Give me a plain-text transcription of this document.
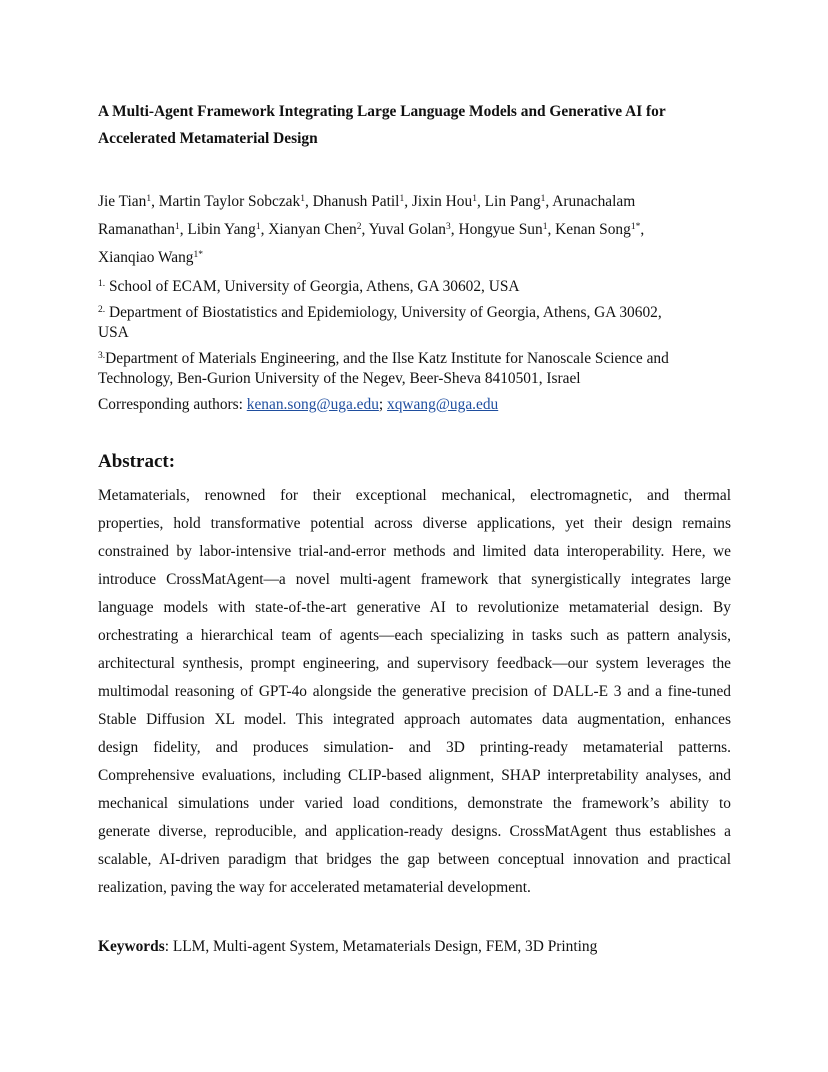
A Multi-Agent Framework Integrating Large Language Models and Generative AI for
Accelerated Metamaterial Design
Jie Tian$^1$, Martin Taylor Sobczak$^1$, Dhanush Patil$^1$, Jixin Hou$^1$, Lin Pang$^1$, Arunachalam
Ramanathan$^1$, Libin Yang$^1$, Xianyan Chen$^2$, Yuval Golan$^3$, Hongyue Sun$^1$, Kenan Song$^{1*}$,
Xianqiao Wang$^{1*}$
$^{1.}$ School of ECAM, University of Georgia, Athens, GA 30602, USA
$^{2.}$ Department of Biostatistics and Epidemiology, University of Georgia, Athens, GA 30602,
USA
$^{3.}$Department of Materials Engineering, and the Ilse Katz Institute for Nanoscale Science and
Technology, Ben-Gurion University of the Negev, Beer-Sheva 8410501, Israel
Corresponding authors: kenan.song@uga.edu; xqwang@uga.edu
Abstract:
Metamaterials, renowned for their exceptional mechanical, electromagnetic, and thermal
properties, hold transformative potential across diverse applications, yet their design remains
constrained by labor-intensive trial-and-error methods and limited data interoperability. Here, we
introduce CrossMatAgent—a novel multi-agent framework that synergistically integrates large
language models with state-of-the-art generative AI to revolutionize metamaterial design. By
orchestrating a hierarchical team of agents—each specializing in tasks such as pattern analysis,
architectural synthesis, prompt engineering, and supervisory feedback—our system leverages the
multimodal reasoning of GPT-4o alongside the generative precision of DALL-E 3 and a fine-tuned
Stable Diffusion XL model. This integrated approach automates data augmentation, enhances
design fidelity, and produces simulation- and 3D printing-ready metamaterial patterns.
Comprehensive evaluations, including CLIP-based alignment, SHAP interpretability analyses, and
mechanical simulations under varied load conditions, demonstrate the framework’s ability to
generate diverse, reproducible, and application-ready designs. CrossMatAgent thus establishes a
scalable, AI-driven paradigm that bridges the gap between conceptual innovation and practical
realization, paving the way for accelerated metamaterial development.
Keywords: LLM, Multi-agent System, Metamaterials Design, FEM, 3D Printing
